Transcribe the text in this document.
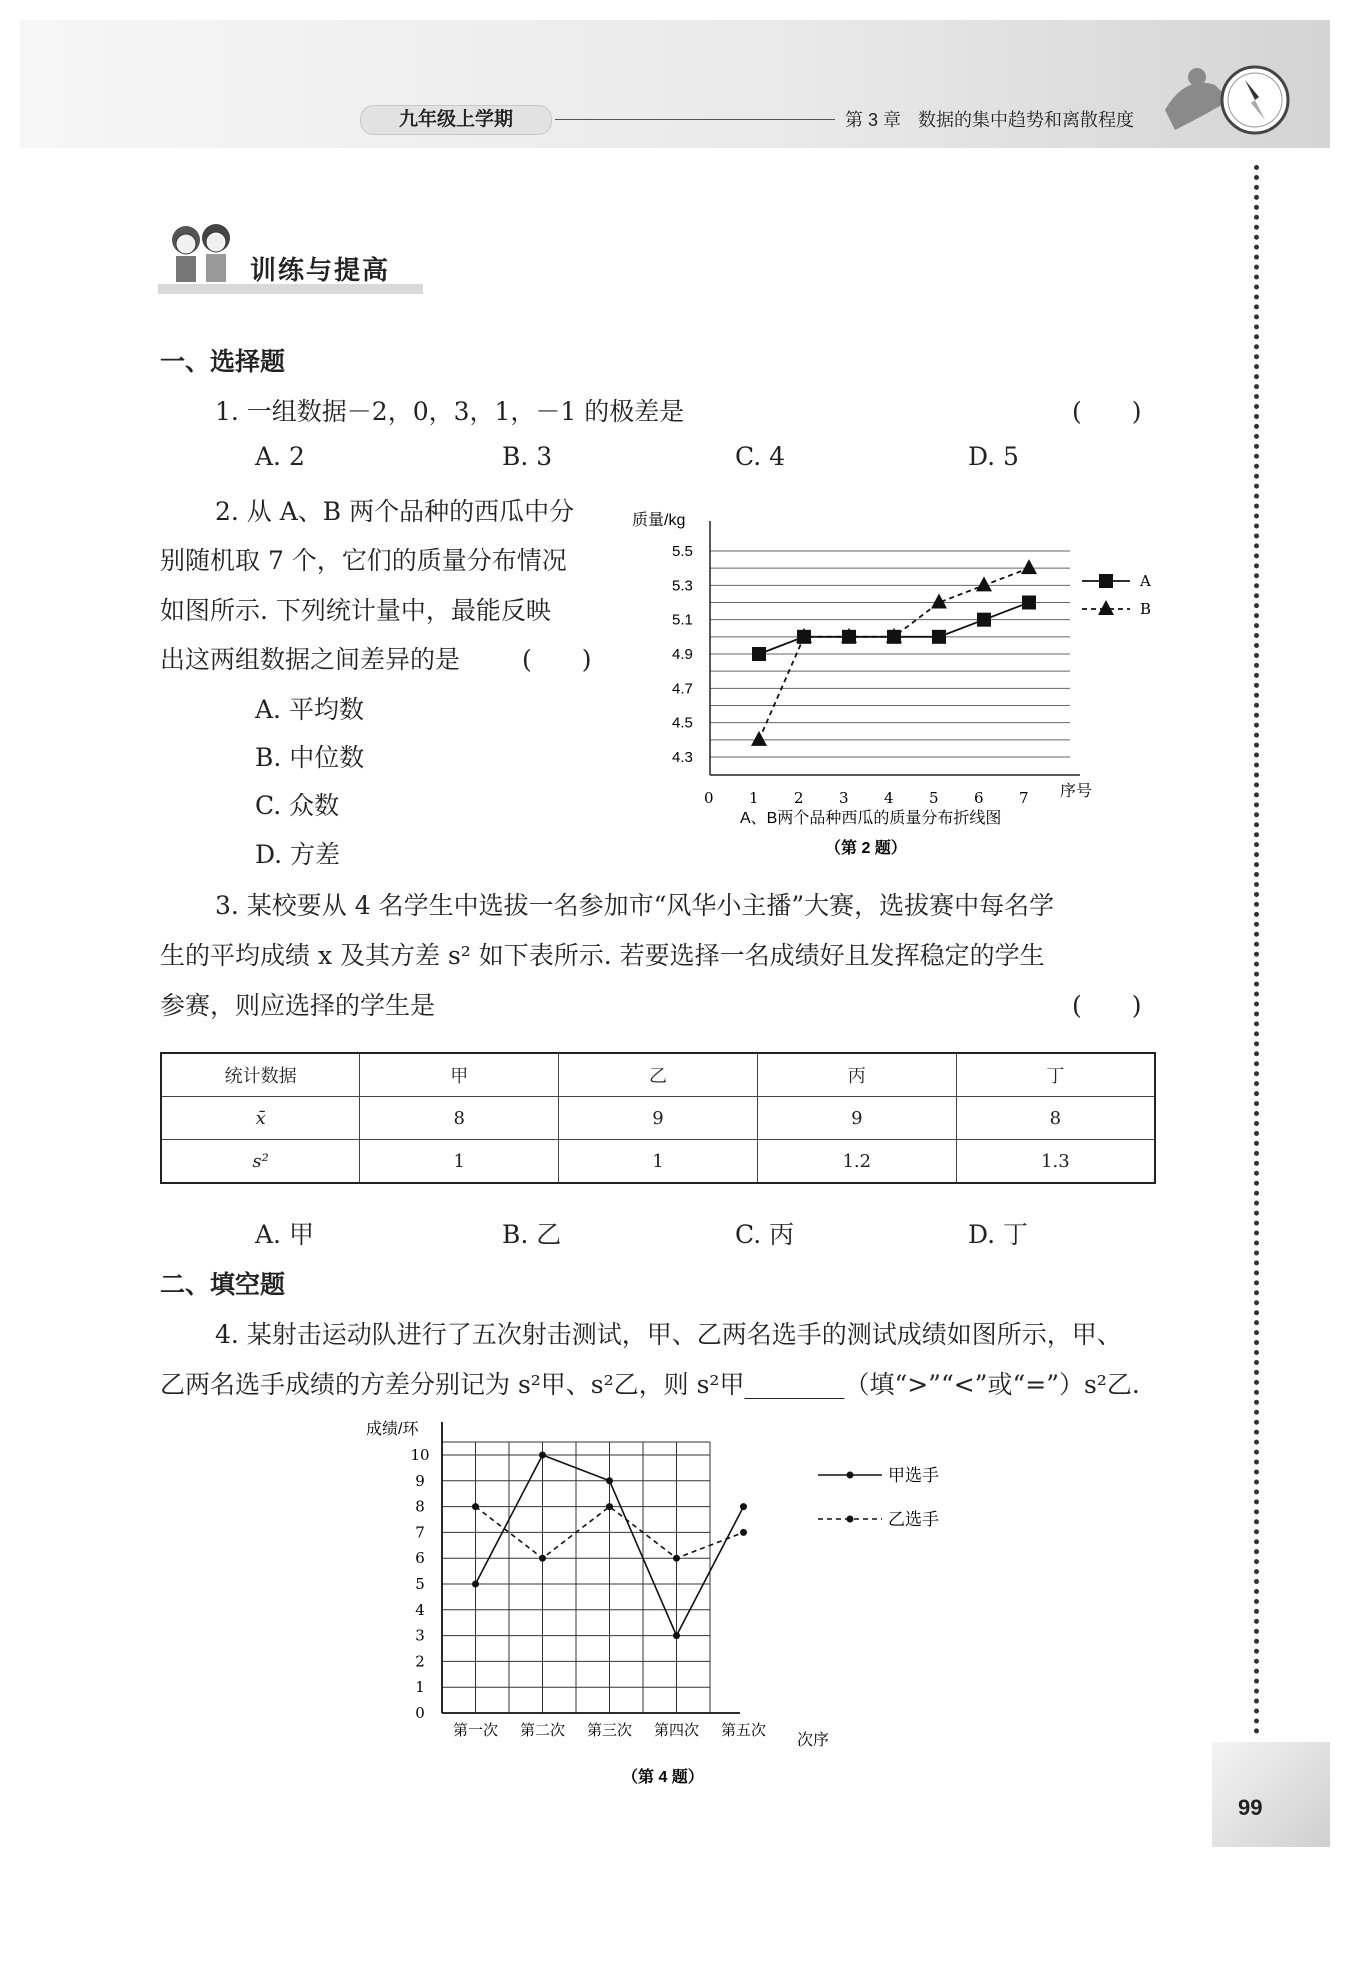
九年级上学期	第 3 章 数据的集中趋势和离散程度
99
训练与提高
一、选择题
1. 一组数据－2，0，3，1，－1 的极差是	(　　)
A. 2	B. 3	C. 4	D. 5
2. 从 A、B 两个品种的西瓜中分
别随机取 7 个，它们的质量分布情况
如图所示. 下列统计量中，最能反映
出这两组数据之间差异的是 (　　)
A. 平均数
B. 中位数
C. 众数
D. 方差
质量/kg
序号
A、B两个品种西瓜的质量分布折线图
（第 2 题）
4.3
4.5
4.7
4.9
5.1
5.3
5.5
0 1 2 3 4 5 6 7
A
B
3. 某校要从 4 名学生中选拔一名参加市“风华小主播”大赛，选拔赛中每名学
生的平均成绩 x 及其方差 s² 如下表所示. 若要选择一名成绩好且发挥稳定的学生
参赛，则应选择的学生是	(　　)
统计数据	甲	乙	丙	丁
x̄	8	9	9	8
s²	1	1	1.2	1.3
A. 甲	B. 乙	C. 丙	D. 丁
二、填空题
4. 某射击运动队进行了五次射击测试，甲、乙两名选手的测试成绩如图所示，甲、
乙两名选手成绩的方差分别记为 s²甲、s²乙，则 s²甲________（填“>”“<”或“=”）s²乙.
成绩/环
次序
（第 4 题）
0
1
2
3
4
5
6
7
8
9
10
第一次 第二次 第三次 第四次 第五次
甲选手
乙选手
